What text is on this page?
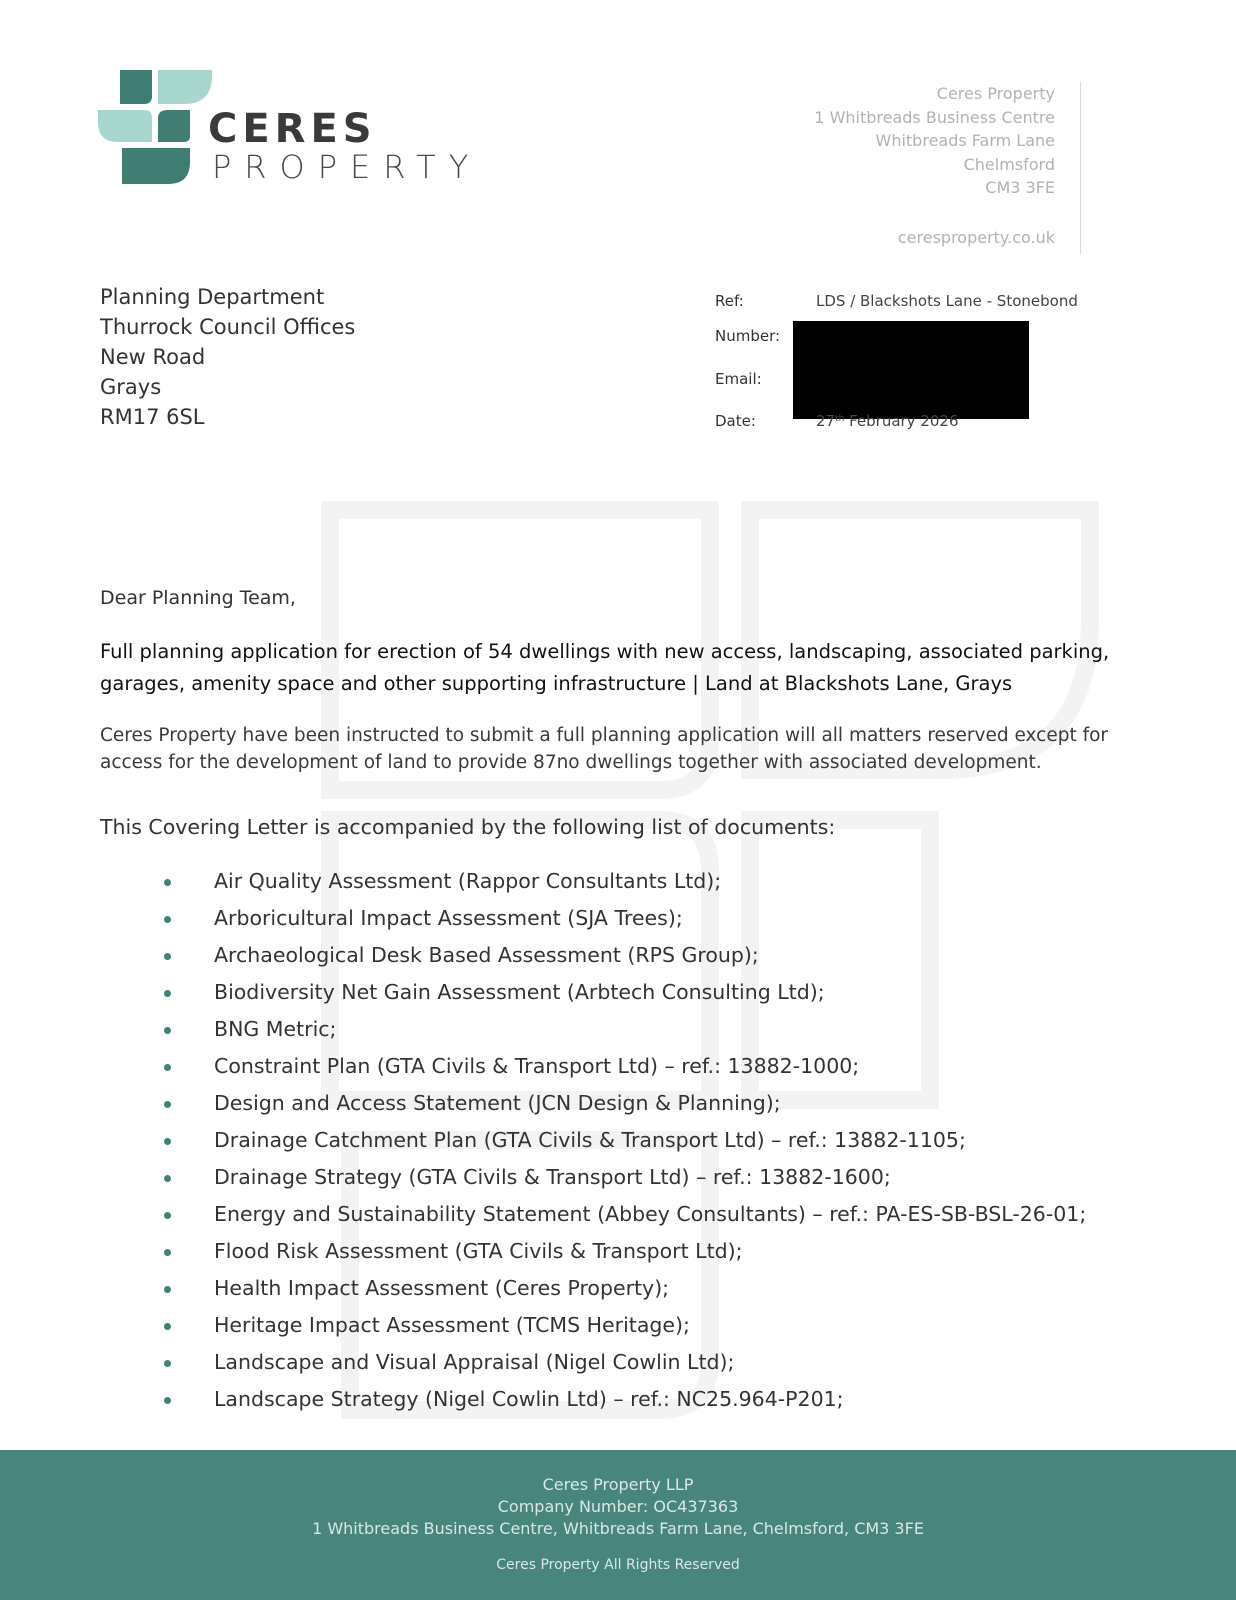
CERES
PROPERTY
Ceres Property
1 Whitbreads Business Centre
Whitbreads Farm Lane
Chelmsford
CM3 3FE
ceresproperty.co.uk
Planning Department
Thurrock Council Offices
New Road
Grays
RM17 6SL
Ref:	LDS / Blackshots Lane - Stonebond
Number:
Email:
Date:	27th February 2026
Dear Planning Team,
Full planning application for erection of 54 dwellings with new access, landscaping, associated parking, garages, amenity space and other supporting infrastructure | Land at Blackshots Lane, Grays
Ceres Property have been instructed to submit a full planning application will all matters reserved except for access for the development of land to provide 87no dwellings together with associated development.
This Covering Letter is accompanied by the following list of documents:
Air Quality Assessment (Rappor Consultants Ltd);
Arboricultural Impact Assessment (SJA Trees);
Archaeological Desk Based Assessment (RPS Group);
Biodiversity Net Gain Assessment (Arbtech Consulting Ltd);
BNG Metric;
Constraint Plan (GTA Civils & Transport Ltd) – ref.: 13882-1000;
Design and Access Statement (JCN Design & Planning);
Drainage Catchment Plan (GTA Civils & Transport Ltd) – ref.: 13882-1105;
Drainage Strategy (GTA Civils & Transport Ltd) – ref.: 13882-1600;
Energy and Sustainability Statement (Abbey Consultants) – ref.: PA-ES-SB-BSL-26-01;
Flood Risk Assessment (GTA Civils & Transport Ltd);
Health Impact Assessment (Ceres Property);
Heritage Impact Assessment (TCMS Heritage);
Landscape and Visual Appraisal (Nigel Cowlin Ltd);
Landscape Strategy (Nigel Cowlin Ltd) – ref.: NC25.964-P201;
Ceres Property LLP
Company Number: OC437363
1 Whitbreads Business Centre, Whitbreads Farm Lane, Chelmsford, CM3 3FE
Ceres Property All Rights Reserved
